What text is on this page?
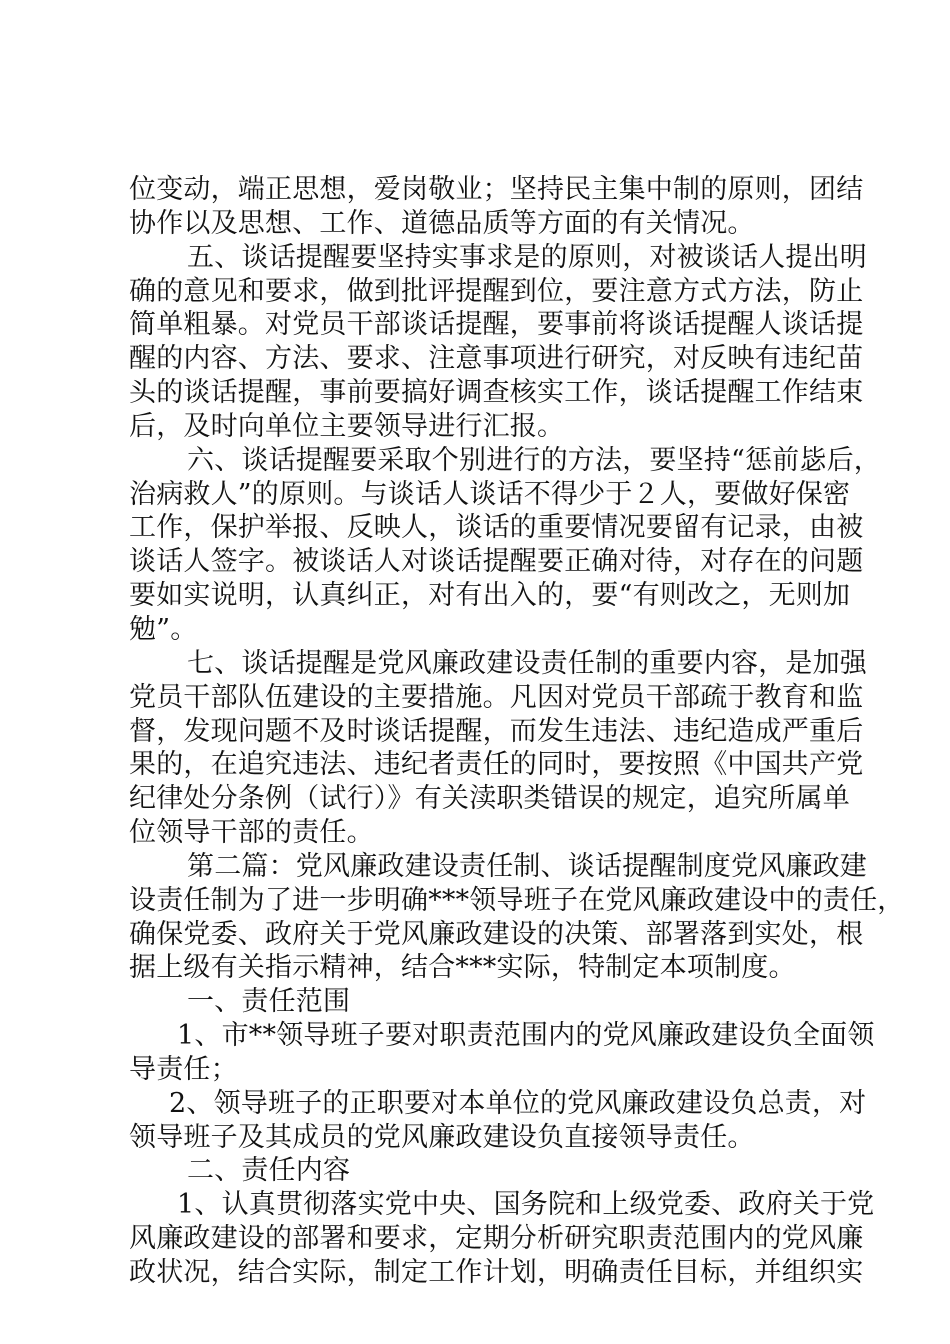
位变动，端正思想，爱岗敬业；坚持民主集中制的原则，团结
协作以及思想、工作、道德品质等方面的有关情况。
五、谈话提醒要坚持实事求是的原则，对被谈话人提出明
确的意见和要求，做到批评提醒到位，要注意方式方法，防止
简单粗暴。对党员干部谈话提醒，要事前将谈话提醒人谈话提
醒的内容、方法、要求、注意事项进行研究，对反映有违纪苗
头的谈话提醒，事前要搞好调查核实工作，谈话提醒工作结束
后，及时向单位主要领导进行汇报。
六、谈话提醒要采取个别进行的方法，要坚持“惩前毖后，
治病救人”的原则。与谈话人谈话不得少于２人，要做好保密
工作，保护举报、反映人，谈话的重要情况要留有记录，由被
谈话人签字。被谈话人对谈话提醒要正确对待，对存在的问题
要如实说明，认真纠正，对有出入的，要“有则改之，无则加
勉”。
七、谈话提醒是党风廉政建设责任制的重要内容，是加强
党员干部队伍建设的主要措施。凡因对党员干部疏于教育和监
督，发现问题不及时谈话提醒，而发生违法、违纪造成严重后
果的，在追究违法、违纪者责任的同时，要按照《中国共产党
纪律处分条例（试行）》有关渎职类错误的规定，追究所属单
位领导干部的责任。
第二篇：党风廉政建设责任制、谈话提醒制度党风廉政建
设责任制为了进一步明确***领导班子在党风廉政建设中的责任，
确保党委、政府关于党风廉政建设的决策、部署落到实处，根
据上级有关指示精神，结合***实际，特制定本项制度。
一、责任范围
1、市**领导班子要对职责范围内的党风廉政建设负全面领
导责任；
2、领导班子的正职要对本单位的党风廉政建设负总责，对
领导班子及其成员的党风廉政建设负直接领导责任。
二、责任内容
1、认真贯彻落实党中央、国务院和上级党委、政府关于党
风廉政建设的部署和要求，定期分析研究职责范围内的党风廉
政状况，结合实际，制定工作计划，明确责任目标，并组织实
